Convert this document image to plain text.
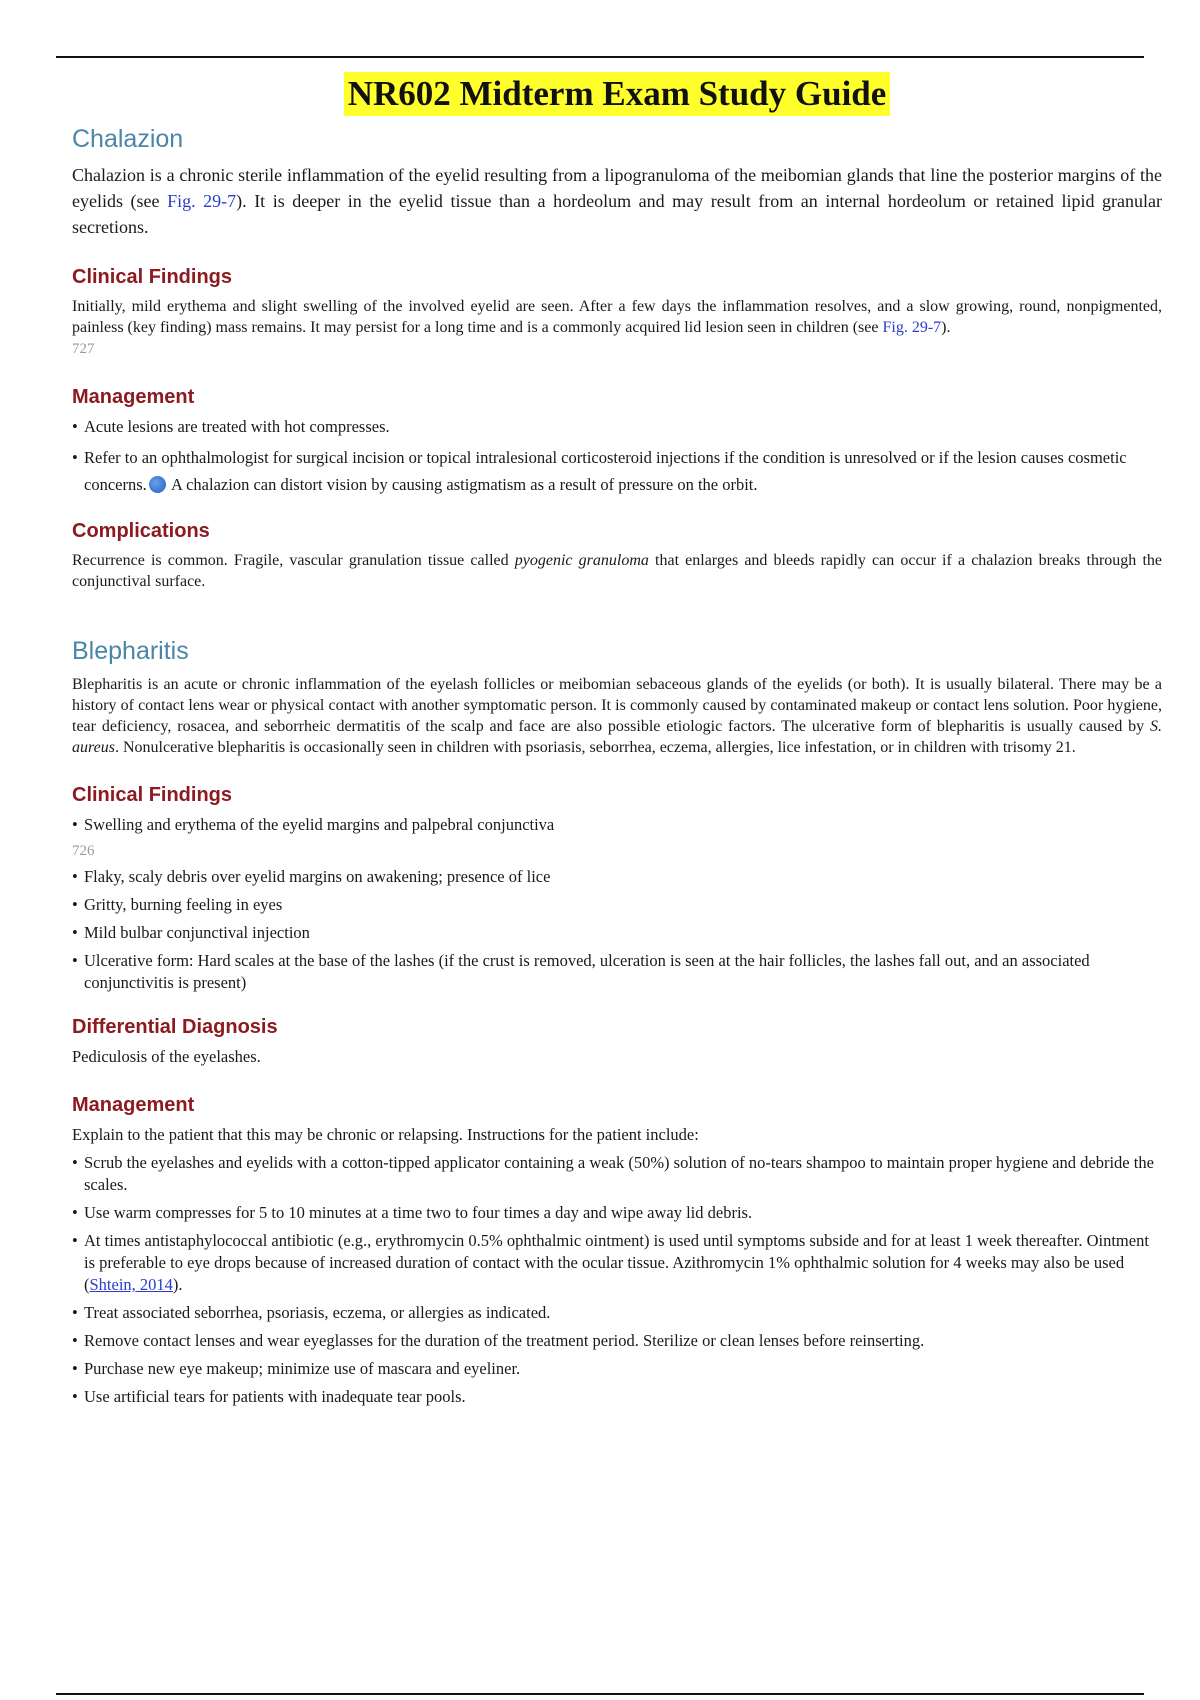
NR602 Midterm Exam Study Guide
Chalazion

Chalazion is a chronic sterile inflammation of the eyelid resulting from a lipogranuloma of the meibomian glands that line the posterior margins of the eyelids (see Fig. 29-7). It is deeper in the eyelid tissue than a hordeolum and may result from an internal hordeolum or retained lipid granular secretions.

Clinical Findings

Initially, mild erythema and slight swelling of the involved eyelid are seen. After a few days the inflammation resolves, and a slow growing, round, nonpigmented, painless (key finding) mass remains. It may persist for a long time and is a commonly acquired lid lesion seen in children (see Fig. 29-7).

727
Management
• Acute lesions are treated with hot compresses.
• Refer to an ophthalmologist for surgical incision or topical intralesional corticosteroid injections if the condition is unresolved or if the lesion causes cosmetic concerns. A chalazion can distort vision by causing astigmatism as a result of pressure on the orbit.
Complications

Recurrence is common. Fragile, vascular granulation tissue called pyogenic granuloma that enlarges and bleeds rapidly can occur if a chalazion breaks through the conjunctival surface.

Blepharitis

Blepharitis is an acute or chronic inflammation of the eyelash follicles or meibomian sebaceous glands of the eyelids (or both). It is usually bilateral. There may be a history of contact lens wear or physical contact with another symptomatic person. It is commonly caused by contaminated makeup or contact lens solution. Poor hygiene, tear deficiency, rosacea, and seborrheic dermatitis of the scalp and face are also possible etiologic factors. The ulcerative form of blepharitis is usually caused by S. aureus. Nonulcerative blepharitis is occasionally seen in children with psoriasis, seborrhea, eczema, allergies, lice infestation, or in children with trisomy 21.

Clinical Findings
• Swelling and erythema of the eyelid margins and palpebral conjunctiva
726
• Flaky, scaly debris over eyelid margins on awakening; presence of lice
• Gritty, burning feeling in eyes
• Mild bulbar conjunctival injection
• Ulcerative form: Hard scales at the base of the lashes (if the crust is removed, ulceration is seen at the hair follicles, the lashes fall out, and an associated conjunctivitis is present)
Differential Diagnosis

Pediculosis of the eyelashes.

Management

Explain to the patient that this may be chronic or relapsing. Instructions for the patient include:

• Scrub the eyelashes and eyelids with a cotton-tipped applicator containing a weak (50%) solution of no-tears shampoo to maintain proper hygiene and debride the scales.
• Use warm compresses for 5 to 10 minutes at a time two to four times a day and wipe away lid debris.
• At times antistaphylococcal antibiotic (e.g., erythromycin 0.5% ophthalmic ointment) is used until symptoms subside and for at least 1 week thereafter. Ointment is preferable to eye drops because of increased duration of contact with the ocular tissue. Azithromycin 1% ophthalmic solution for 4 weeks may also be used (Shtein, 2014).
• Treat associated seborrhea, psoriasis, eczema, or allergies as indicated.
• Remove contact lenses and wear eyeglasses for the duration of the treatment period. Sterilize or clean lenses before reinserting.
• Purchase new eye makeup; minimize use of mascara and eyeliner.
• Use artificial tears for patients with inadequate tear pools.
